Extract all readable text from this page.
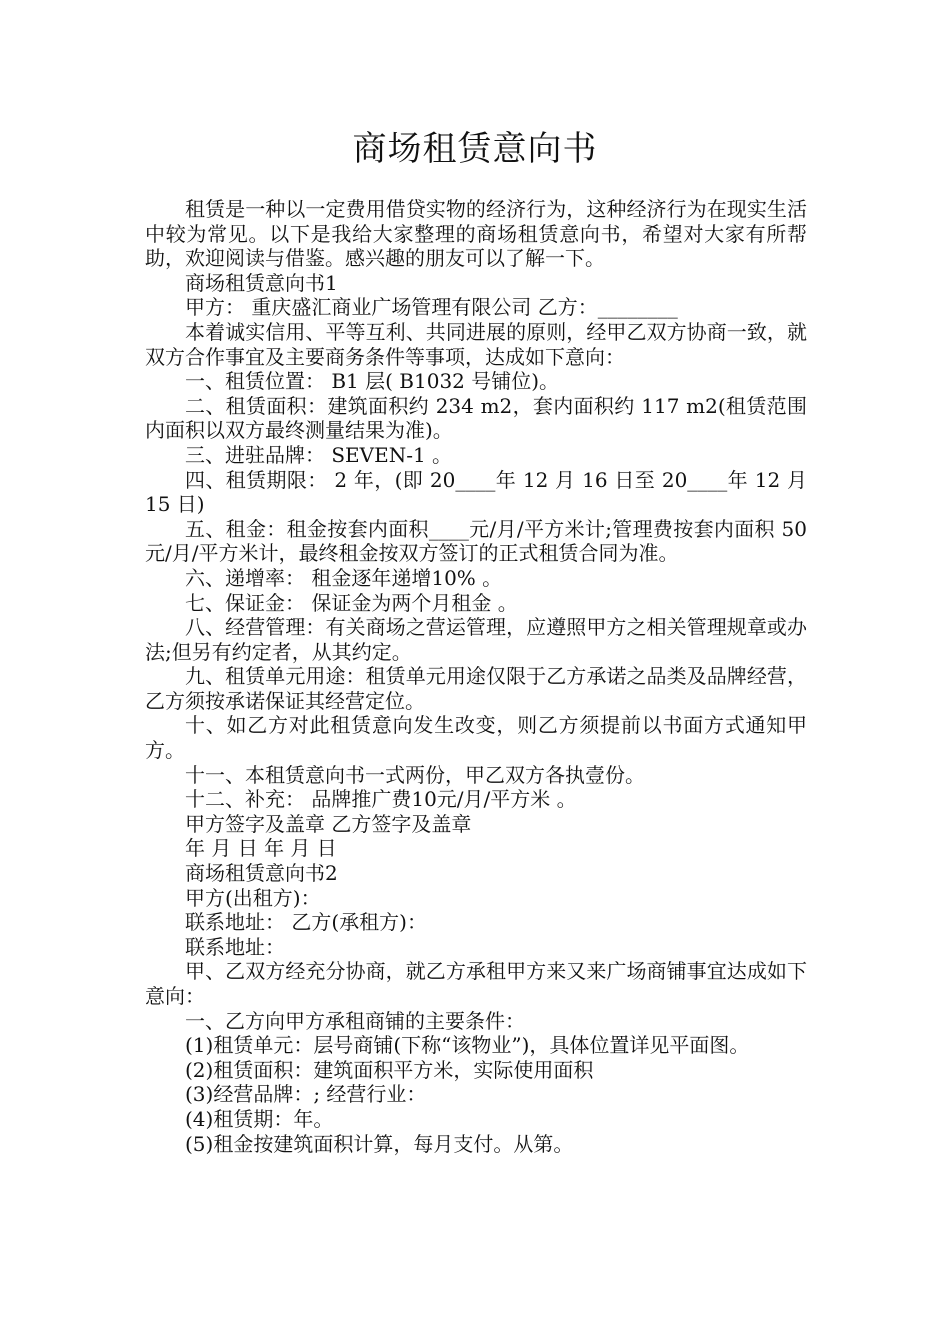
商场租赁意向书

租赁是一种以一定费用借贷实物的经济行为，这种经济行为在现实生活中较为常见。以下是我给大家整理的商场租赁意向书，希望对大家有所帮助，欢迎阅读与借鉴。感兴趣的朋友可以了解一下。

商场租赁意向书1

甲方： 重庆盛汇商业广场管理有限公司 乙方：________

本着诚实信用、平等互利、共同进展的原则，经甲乙双方协商一致，就双方合作事宜及主要商务条件等事项，达成如下意向：

一、租赁位置： B1 层( B1032 号铺位)。

二、租赁面积：建筑面积约 234 m2，套内面积约 117 m2(租赁范围内面积以双方最终测量结果为准)。

三、进驻品牌： SEVEN-1 。

四、租赁期限： 2 年，(即 20____年 12 月 16 日至 20____年 12 月 15 日)

五、租金：租金按套内面积____元/月/平方米计;管理费按套内面积 50 元/月/平方米计，最终租金按双方签订的正式租赁合同为准。

六、递增率： 租金逐年递增10% 。

七、保证金： 保证金为两个月租金 。

八、经营管理：有关商场之营运管理，应遵照甲方之相关管理规章或办法;但另有约定者，从其约定。

九、租赁单元用途：租赁单元用途仅限于乙方承诺之品类及品牌经营，乙方须按承诺保证其经营定位。

十、如乙方对此租赁意向发生改变，则乙方须提前以书面方式通知甲方。

十一、本租赁意向书一式两份，甲乙双方各执壹份。

十二、补充： 品牌推广费10元/月/平方米 。

甲方签字及盖章 乙方签字及盖章

年 月 日 年 月 日

商场租赁意向书2

甲方(出租方)：

联系地址： 乙方(承租方)：

联系地址：

甲、乙双方经充分协商，就乙方承租甲方来又来广场商铺事宜达成如下意向：

一、乙方向甲方承租商铺的主要条件：

(1)租赁单元：层号商铺(下称“该物业”)，具体位置详见平面图。

(2)租赁面积：建筑面积平方米，实际使用面积

(3)经营品牌：; 经营行业：

(4)租赁期：年。

(5)租金按建筑面积计算，每月支付。从第。
